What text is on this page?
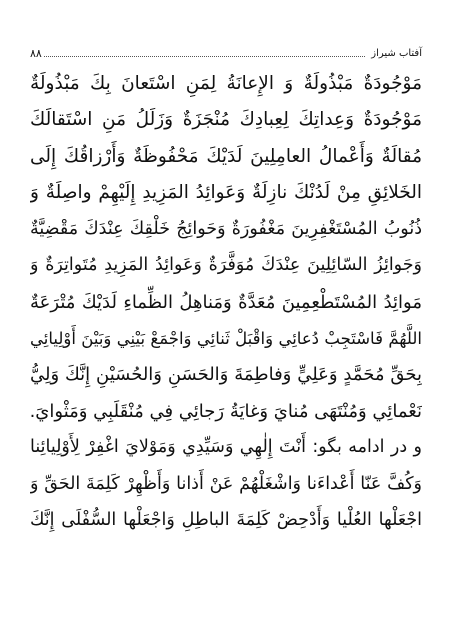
آفتاب شیراز
۸۸
مَوْجُودَةٌ مَبْذُولَةٌ وَ الإِعانَةُ لِمَنِ اسْتَعانَ بِكَ مَبْذُولَةٌ
مَوْجُودَةٌ وَعِداتِكَ لِعِبادِكَ مُنْجَزَةٌ وَزَلَلُ مَنِ اسْتَقالَكَ
مُقالَةٌ وَأَعْمالُ العامِلِينَ لَدَيْكَ مَحْفُوظَةٌ وَأَرْزاقُكَ إِلَى
الخَلائِقِ مِنْ لَدُنْكَ نازِلَةٌ وَعَوائِدُ المَزِيدِ إِلَيْهِمْ واصِلَةٌ وَ
ذُنُوبُ المُسْتَغْفِرِينَ مَغْفُورَةٌ وَحَوائِجُ خَلْقِكَ عِنْدَكَ مَقْضِيَّةٌ
وَجَوائِزُ السّائِلِينَ عِنْدَكَ مُوَفَّرَةٌ وَعَوائِدُ المَزِيدِ مُتَواتِرَةٌ وَ
مَوائِدُ المُسْتَطْعِمِينَ مُعَدَّةٌ وَمَناهِلُ الظِّماءِ لَدَيْكَ مُتْرَعَةٌ
اللَّهُمَّ فَاسْتَجِبْ دُعائِي وَاقْبَلْ ثَنائِي وَاجْمَعْ بَيْنِي وَبَيْنَ أَوْلِيائِي
بِحَقِّ مُحَمَّدٍ وَعَلِيٍّ وَفاطِمَةَ وَالحَسَنِ وَالحُسَيْنِ إِنَّكَ وَلِيُّ
نَعْمائِي وَمُنْتَهَى مُنايَ وَغايَةُ رَجائِي فِي مُنْقَلَبِي وَمَثْوايَ.
و در ادامه بگو: أَنْتَ إِلٰهِي وَسَيِّدِي وَمَوْلايَ اغْفِرْ لِأَوْلِيائِنا
وَكُفَّ عَنّا أَعْداءَنا وَاشْغَلْهُمْ عَنْ أَذانا وَأَظْهِرْ كَلِمَةَ الحَقِّ وَ
اجْعَلْها العُلْيا وَأَدْحِضْ كَلِمَةَ الباطِلِ وَاجْعَلْها السُّفْلَى إِنَّكَ
